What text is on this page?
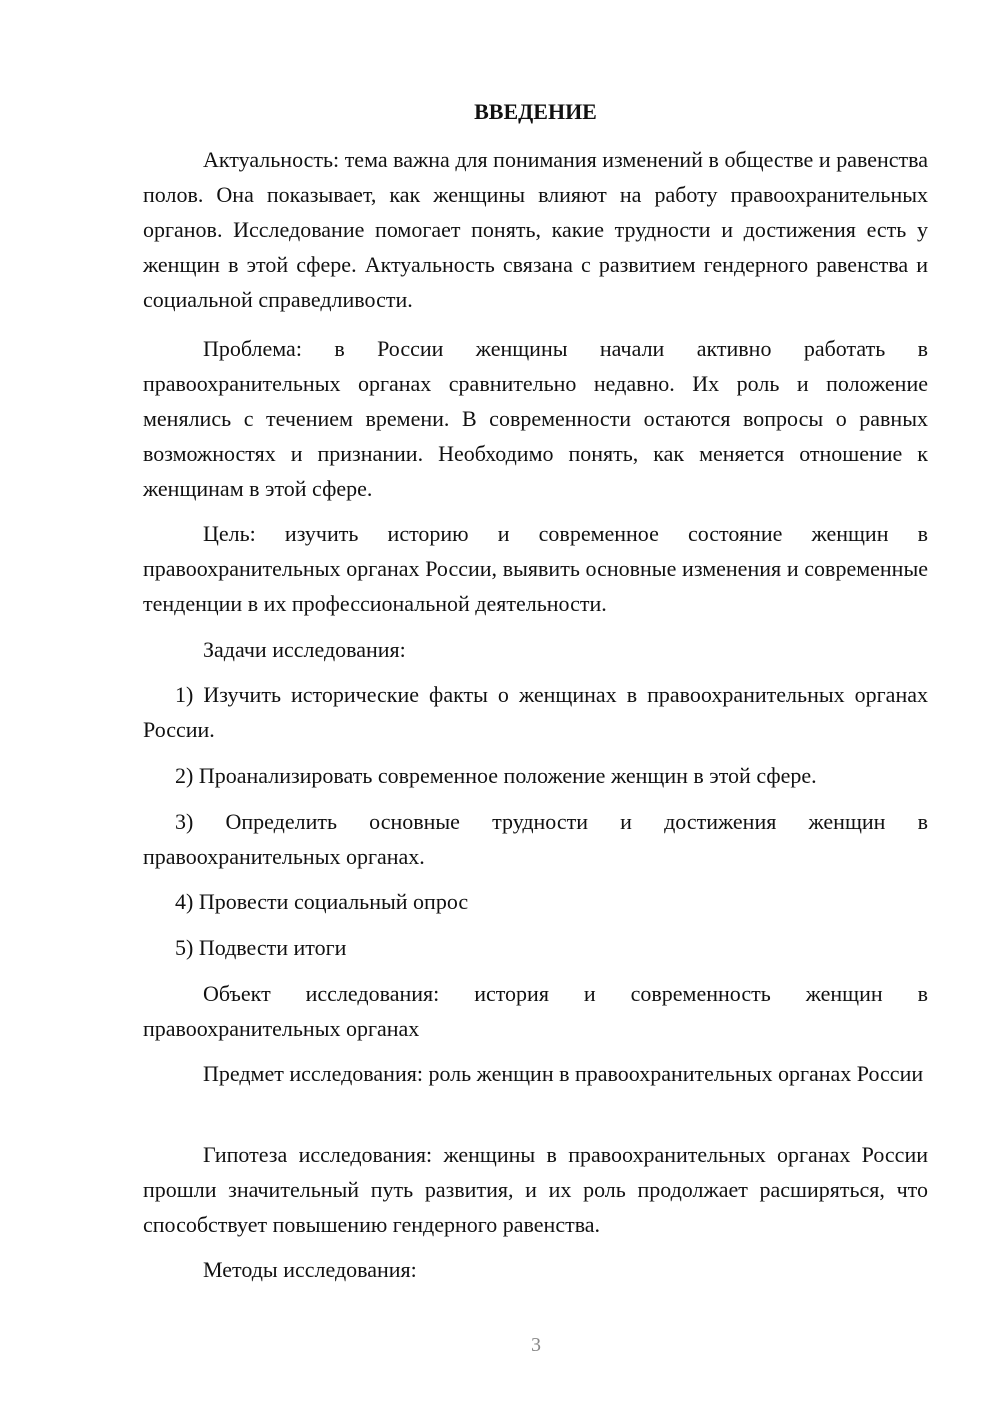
ВВЕДЕНИЕ

Актуальность: тема важна для понимания изменений в обществе и равенства полов. Она показывает, как женщины влияют на работу правоохранительных органов. Исследование помогает понять, какие трудности и достижения есть у женщин в этой сфере. Актуальность связана с развитием гендерного равенства и социальной справедливости.

Проблема: в России женщины начали активно работать в правоохранительных органах сравнительно недавно. Их роль и положение менялись с течением времени. В современности остаются вопросы о равных возможностях и признании. Необходимо понять, как меняется отношение к женщинам в этой сфере.

Цель: изучить историю и современное состояние женщин в правоохранительных органах России, выявить основные изменения и современные тенденции в их профессиональной деятельности.

Задачи исследования:

1) Изучить исторические факты о женщинах в правоохранительных органах России.

2) Проанализировать современное положение женщин в этой сфере.

3) Определить основные трудности и достижения женщин в правоохранительных органах.

4) Провести социальный опрос

5) Подвести итоги

Объект исследования: история и современность женщин в правоохранительных органах

Предмет исследования: роль женщин в правоохранительных органах России

Гипотеза исследования: женщины в правоохранительных органах России прошли значительный путь развития, и их роль продолжает расширяться, что способствует повышению гендерного равенства.

Методы исследования:

3
